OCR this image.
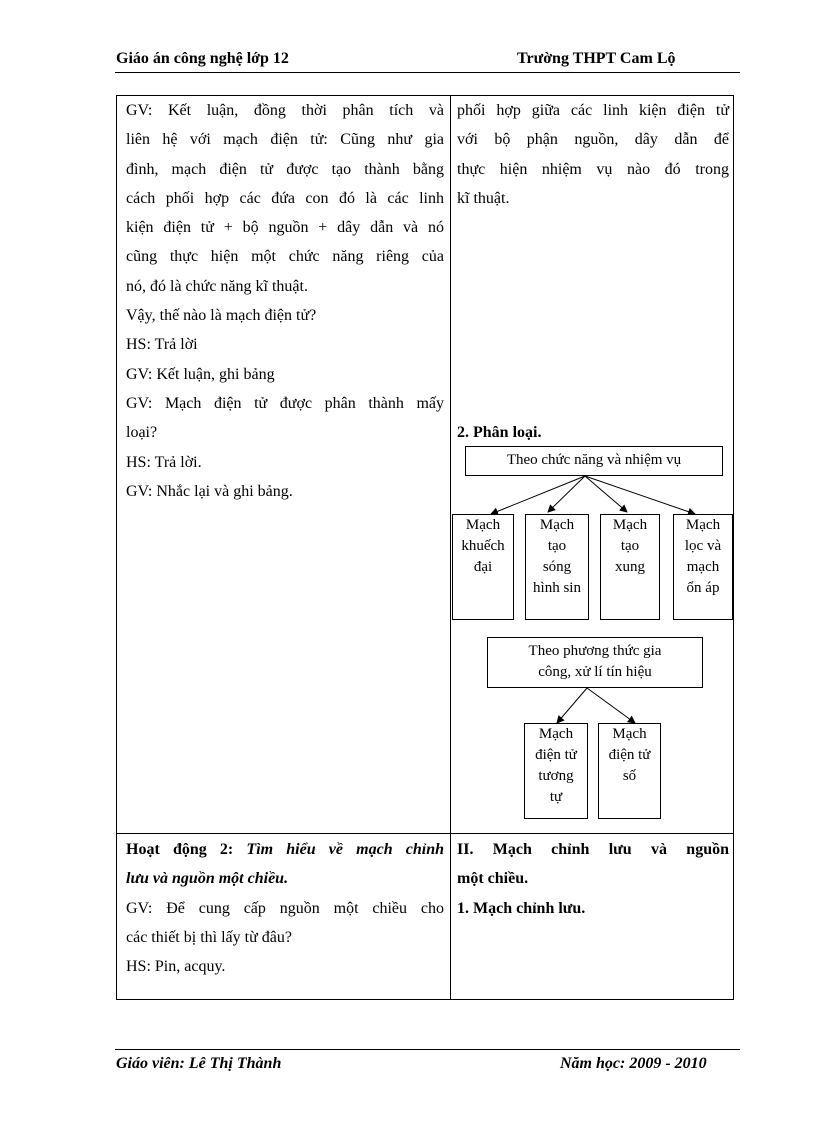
Giáo án công nghệ lớp 12	Trường THPT Cam Lộ
GV: Kết luận, đồng thời phân tích và
liên hệ với mạch điện tử: Cũng như gia
đình, mạch điện tử được tạo thành bằng
cách phối hợp các đứa con đó là các linh
kiện điện tử + bộ nguồn + dây dẫn và nó
cũng thực hiện một chức năng riêng của
nó, đó là chức năng kĩ thuật.
Vậy, thế nào là mạch điện tử?
HS: Trả lời
GV: Kết luận, ghi bảng
GV: Mạch điện tử được phân thành mấy
loại?
HS: Trả lời.
GV: Nhắc lại và ghi bảng.
phối hợp giữa các linh kiện điện tử
với bộ phận nguồn, dây dẫn để
thực hiện nhiệm vụ nào đó trong
kĩ thuật.
2. Phân loại.
Theo chức năng và nhiệm vụ
Mạch
khuếch
đại
Mạch
tạo
sóng
hình sin
Mạch
tạo
xung
Mạch
lọc và
mạch
ổn áp
Theo phương thức gia
công, xử lí tín hiệu
Mạch
điện tử
tương
tự
Mạch
điện tử
số
Hoạt động 2: Tìm hiểu về mạch chỉnh
lưu và nguồn một chiều.
GV: Để cung cấp nguồn một chiều cho
các thiết bị thì lấy từ đâu?
HS: Pin, acquy.
II. Mạch chỉnh lưu và nguồn
một chiều.
1. Mạch chỉnh lưu.
Giáo viên: Lê Thị Thành	Năm học: 2009 - 2010
